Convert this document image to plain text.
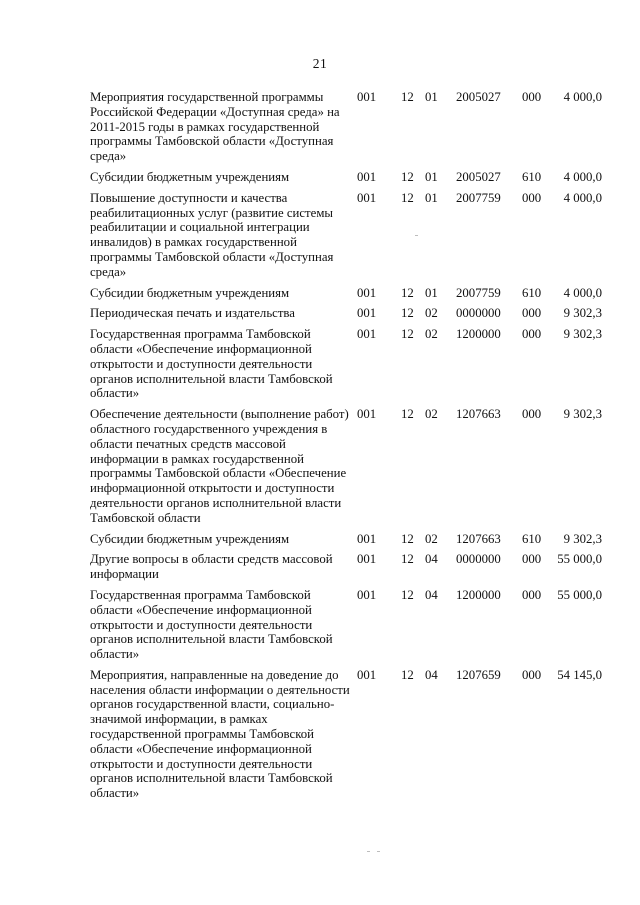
21
Мероприятия государственной программы Российской Федерации «Доступная среда» на 2011-2015 годы в рамках государственной программы Тамбовской области «Доступная среда»
001	12 01	2005027	000	4 000,0
Субсидии бюджетным учреждениям	001	12 01	2005027	610	4 000,0
Повышение доступности и качества реабилитационных услуг (развитие системы реабилитации и социальной интеграции инвалидов) в рамках государственной программы Тамбовской области «Доступная среда»
001	12 01	2007759	000	4 000,0
Субсидии бюджетным учреждениям	001	12 01	2007759	610	4 000,0
Периодическая печать и издательства	001	12 02	0000000	000	9 302,3
Государственная программа Тамбовской области «Обеспечение информационной открытости и доступности деятельности органов исполнительной власти Тамбовской области»
001	12 02	1200000	000	9 302,3
Обеспечение деятельности (выполнение работ) областного государственного учреждения в области печатных средств массовой информации в рамках государственной программы Тамбовской области «Обеспечение информационной открытости и доступности деятельности органов исполнительной власти Тамбовской области
001	12 02	1207663	000	9 302,3
Субсидии бюджетным учреждениям	001	12 02	1207663	610	9 302,3
Другие вопросы в области средств массовой информации
001	12 04	0000000	000	55 000,0
Государственная программа Тамбовской области «Обеспечение информационной открытости и доступности деятельности органов исполнительной власти Тамбовской области»
001	12 04	1200000	000	55 000,0
Мероприятия, направленные на доведение до населения области информации о деятельности органов государственной власти, социально-значимой информации, в рамках государственной программы Тамбовской области «Обеспечение информационной открытости и доступности деятельности органов исполнительной власти Тамбовской области»
001	12 04	1207659	000	54 145,0
